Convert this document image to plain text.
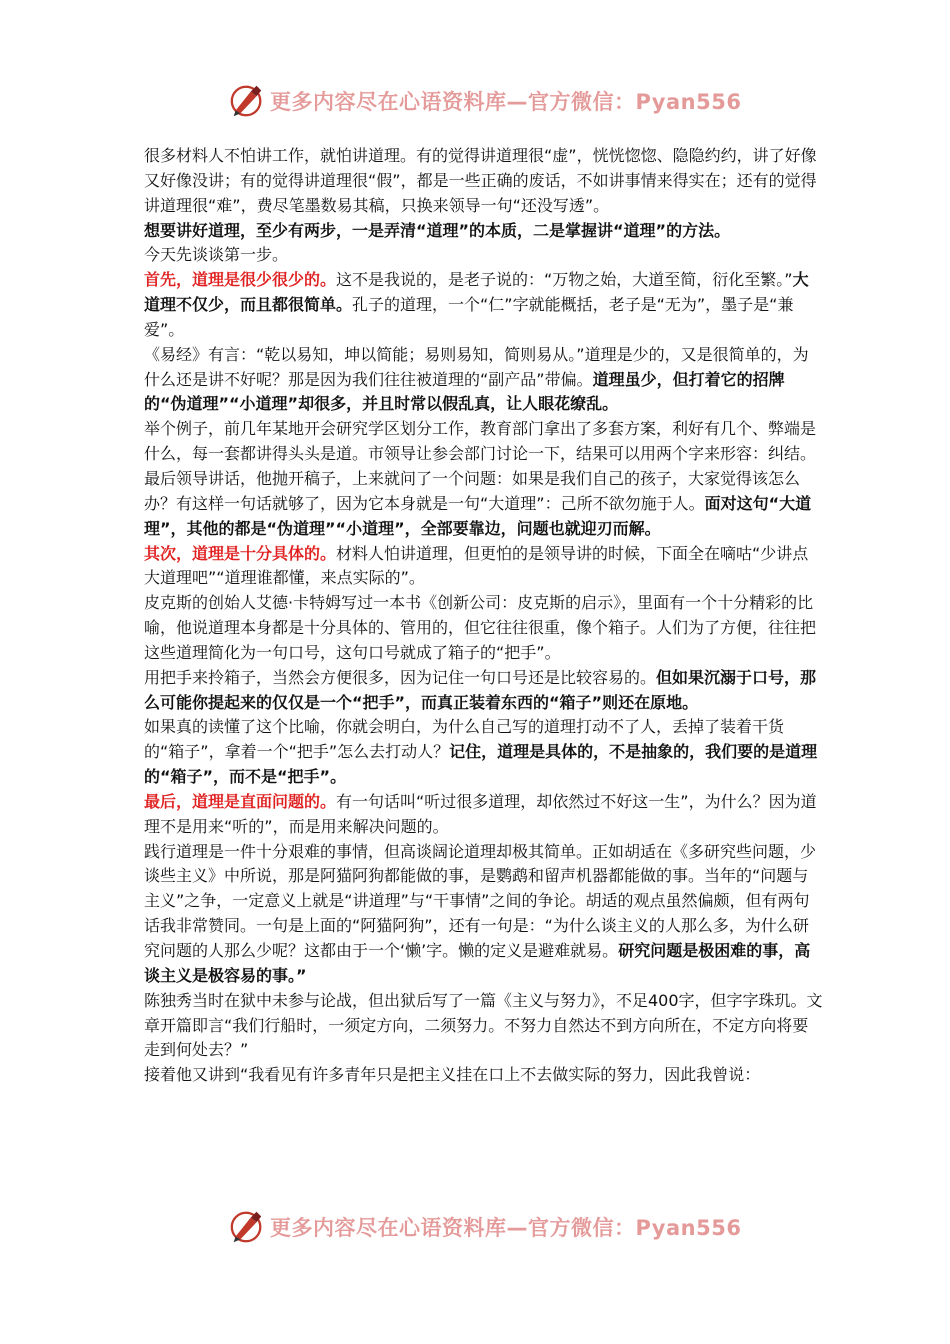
更多内容尽在心语资料库—官方微信：Pyan556

很多材料人不怕讲工作，就怕讲道理。有的觉得讲道理很“虚”，恍恍惚惚、隐隐约约，讲了好像又好像没讲；有的觉得讲道理很“假”，都是一些正确的废话，不如讲事情来得实在；还有的觉得讲道理很“难”，费尽笔墨数易其稿，只换来领导一句“还没写透”。

想要讲好道理，至少有两步，一是弄清“道理”的本质，二是掌握讲“道理”的方法。

今天先谈谈第一步。

首先，道理是很少很少的。这不是我说的，是老子说的：“万物之始，大道至简，衍化至繁。”大道理不仅少，而且都很简单。孔子的道理，一个“仁”字就能概括，老子是“无为”，墨子是“兼爱”。

《易经》有言：“乾以易知，坤以简能；易则易知，简则易从。”道理是少的，又是很简单的，为什么还是讲不好呢？那是因为我们往往被道理的“副产品”带偏。道理虽少，但打着它的招牌的“伪道理”“小道理”却很多，并且时常以假乱真，让人眼花缭乱。

举个例子，前几年某地开会研究学区划分工作，教育部门拿出了多套方案，利好有几个、弊端是什么，每一套都讲得头头是道。市领导让参会部门讨论一下，结果可以用两个字来形容：纠结。

最后领导讲话，他抛开稿子，上来就问了一个问题：如果是我们自己的孩子，大家觉得该怎么办？有这样一句话就够了，因为它本身就是一句“大道理”：己所不欲勿施于人。面对这句“大道理”，其他的都是“伪道理”“小道理”，全部要靠边，问题也就迎刃而解。

其次，道理是十分具体的。材料人怕讲道理，但更怕的是领导讲的时候，下面全在嘀咕“少讲点大道理吧”“道理谁都懂，来点实际的”。

皮克斯的创始人艾德·卡特姆写过一本书《创新公司：皮克斯的启示》，里面有一个十分精彩的比喻，他说道理本身都是十分具体的、管用的，但它往往很重，像个箱子。人们为了方便，往往把这些道理简化为一句口号，这句口号就成了箱子的“把手”。

用把手来拎箱子，当然会方便很多，因为记住一句口号还是比较容易的。但如果沉溺于口号，那么可能你提起来的仅仅是一个“把手”，而真正装着东西的“箱子”则还在原地。

如果真的读懂了这个比喻，你就会明白，为什么自己写的道理打动不了人，丢掉了装着干货的“箱子”，拿着一个“把手”怎么去打动人？记住，道理是具体的，不是抽象的，我们要的是道理的“箱子”，而不是“把手”。

最后，道理是直面问题的。有一句话叫“听过很多道理，却依然过不好这一生”，为什么？因为道理不是用来“听的”，而是用来解决问题的。

践行道理是一件十分艰难的事情，但高谈阔论道理却极其简单。正如胡适在《多研究些问题，少谈些主义》中所说，那是阿猫阿狗都能做的事，是鹦鹉和留声机器都能做的事。当年的“问题与主义”之争，一定意义上就是“讲道理”与“干事情”之间的争论。胡适的观点虽然偏颇，但有两句话我非常赞同。一句是上面的“阿猫阿狗”，还有一句是：“为什么谈主义的人那么多，为什么研究问题的人那么少呢？这都由于一个‘懒’字。懒的定义是避难就易。研究问题是极困难的事，高谈主义是极容易的事。”

陈独秀当时在狱中未参与论战，但出狱后写了一篇《主义与努力》，不足400字，但字字珠玑。文章开篇即言“我们行船时，一须定方向，二须努力。不努力自然达不到方向所在，不定方向将要走到何处去？”

接着他又讲到“我看见有许多青年只是把主义挂在口上不去做实际的努力，因此我曾说：

更多内容尽在心语资料库—官方微信：Pyan556
